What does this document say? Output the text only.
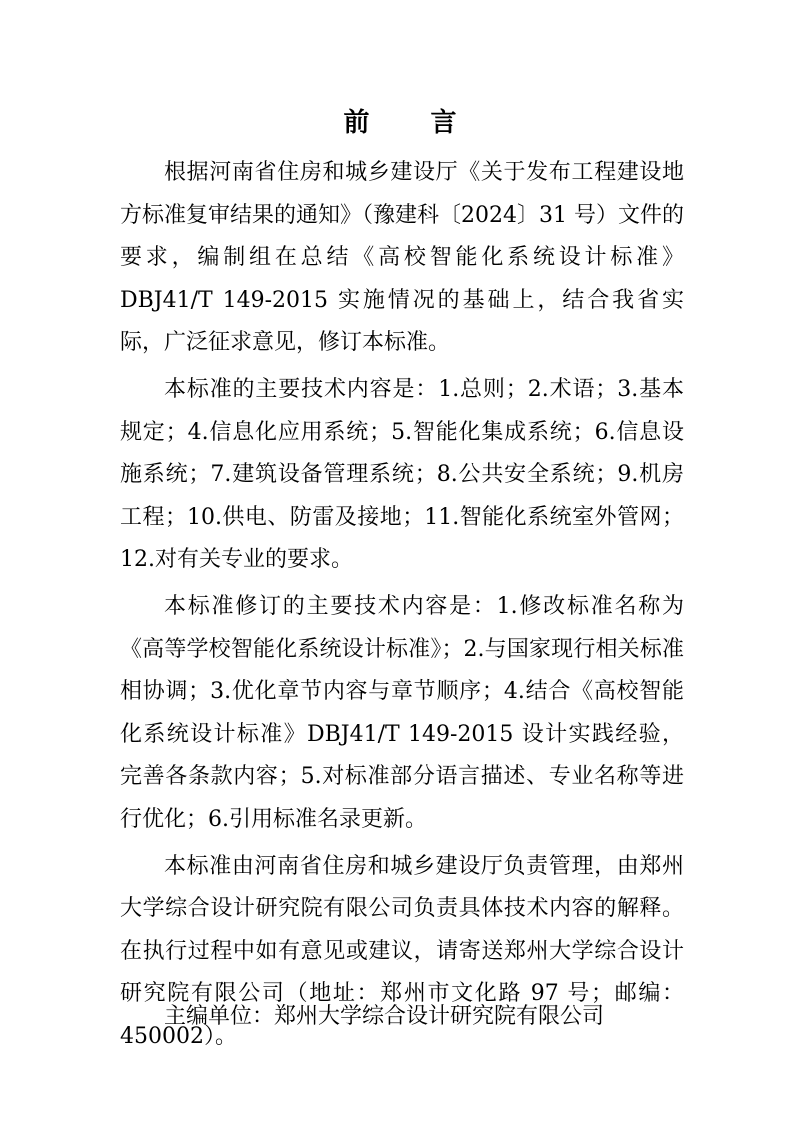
前 言

根据河南省住房和城乡建设厅《关于发布工程建设地方标准复审结果的通知》（豫建科〔2024〕31 号）文件的要求，编制组在总结《高校智能化系统设计标准》DBJ41/T 149-2015 实施情况的基础上，结合我省实际，广泛征求意见，修订本标准。

本标准的主要技术内容是：1.总则；2.术语；3.基本规定；4.信息化应用系统；5.智能化集成系统；6.信息设施系统；7.建筑设备管理系统；8.公共安全系统；9.机房工程；10.供电、防雷及接地；11.智能化系统室外管网；12.对有关专业的要求。

本标准修订的主要技术内容是：1.修改标准名称为《高等学校智能化系统设计标准》；2.与国家现行相关标准相协调；3.优化章节内容与章节顺序；4.结合《高校智能化系统设计标准》DBJ41/T 149-2015 设计实践经验，完善各条款内容；5.对标准部分语言描述、专业名称等进行优化；6.引用标准名录更新。

本标准由河南省住房和城乡建设厅负责管理，由郑州大学综合设计研究院有限公司负责具体技术内容的解释。在执行过程中如有意见或建议，请寄送郑州大学综合设计研究院有限公司（地址：郑州市文化路 97 号；邮编：450002）。

主编单位：郑州大学综合设计研究院有限公司
